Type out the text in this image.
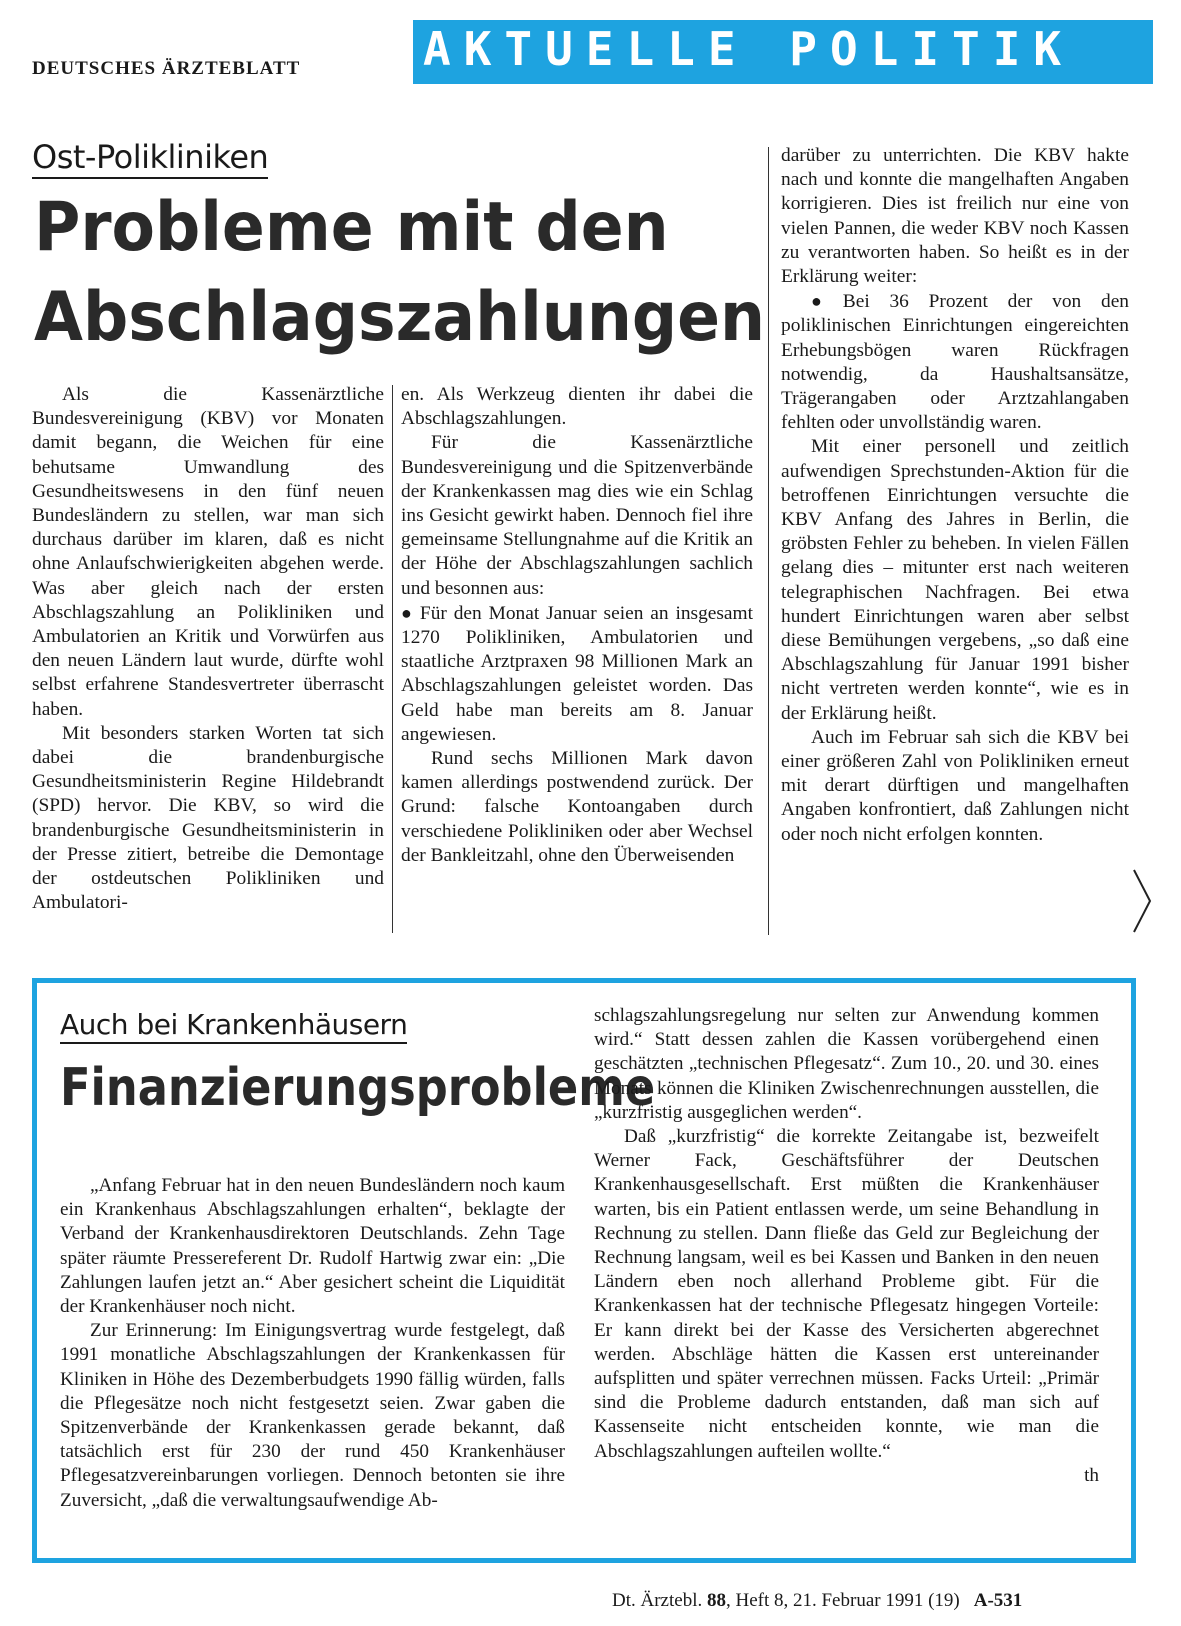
DEUTSCHES ÄRZTEBLATT	AKTUELLE POLITIK
Ost-Polikliniken
Probleme mit den
Abschlagszahlungen

Als die Kassenärztliche Bundesvereinigung (KBV) vor Monaten damit begann, die Weichen für eine behutsame Umwandlung des Gesundheitswesens in den fünf neuen Bundesländern zu stellen, war man sich durchaus darüber im klaren, daß es nicht ohne Anlaufschwierigkeiten abgehen werde. Was aber gleich nach der ersten Abschlagszahlung an Polikliniken und Ambulatorien an Kritik und Vorwürfen aus den neuen Ländern laut wurde, dürfte wohl selbst erfahrene Standesvertreter überrascht haben.

Mit besonders starken Worten tat sich dabei die brandenburgische Gesundheitsministerin Regine Hildebrandt (SPD) hervor. Die KBV, so wird die brandenburgische Gesundheitsministerin in der Presse zitiert, betreibe die Demontage der ostdeutschen Polikliniken und Ambulatori-

en. Als Werkzeug dienten ihr dabei die Abschlagszahlungen.

Für die Kassenärztliche Bundesvereinigung und die Spitzenverbände der Krankenkassen mag dies wie ein Schlag ins Gesicht gewirkt haben. Dennoch fiel ihre gemeinsame Stellungnahme auf die Kritik an der Höhe der Abschlagszahlungen sachlich und besonnen aus:

● Für den Monat Januar seien an insgesamt 1270 Polikliniken, Ambulatorien und staatliche Arztpraxen 98 Millionen Mark an Abschlagszahlungen geleistet worden. Das Geld habe man bereits am 8. Januar angewiesen.

Rund sechs Millionen Mark davon kamen allerdings postwendend zurück. Der Grund: falsche Kontoangaben durch verschiedene Polikliniken oder aber Wechsel der Bankleitzahl, ohne den Überweisenden

darüber zu unterrichten. Die KBV hakte nach und konnte die mangelhaften Angaben korrigieren. Dies ist freilich nur eine von vielen Pannen, die weder KBV noch Kassen zu verantworten haben. So heißt es in der Erklärung weiter:

● Bei 36 Prozent der von den poliklinischen Einrichtungen eingereichten Erhebungsbögen waren Rückfragen notwendig, da Haushaltsansätze, Trägerangaben oder Arztzahlangaben fehlten oder unvollständig waren.

Mit einer personell und zeitlich aufwendigen Sprechstunden-Aktion für die betroffenen Einrichtungen versuchte die KBV Anfang des Jahres in Berlin, die gröbsten Fehler zu beheben. In vielen Fällen gelang dies – mitunter erst nach weiteren telegraphischen Nachfragen. Bei etwa hundert Einrichtungen waren aber selbst diese Bemühungen vergebens, „so daß eine Abschlagszahlung für Januar 1991 bisher nicht vertreten werden konnte“, wie es in der Erklärung heißt.

Auch im Februar sah sich die KBV bei einer größeren Zahl von Polikliniken erneut mit derart dürftigen und mangelhaften Angaben konfrontiert, daß Zahlungen nicht oder noch nicht erfolgen konnten.

Auch bei Krankenhäusern
Finanzierungsprobleme

„Anfang Februar hat in den neuen Bundesländern noch kaum ein Krankenhaus Abschlagszahlungen erhalten“, beklagte der Verband der Krankenhausdirektoren Deutschlands. Zehn Tage später räumte Pressereferent Dr. Rudolf Hartwig zwar ein: „Die Zahlungen laufen jetzt an.“ Aber gesichert scheint die Liquidität der Krankenhäuser noch nicht.

Zur Erinnerung: Im Einigungsvertrag wurde festgelegt, daß 1991 monatliche Abschlagszahlungen der Krankenkassen für Kliniken in Höhe des Dezemberbudgets 1990 fällig würden, falls die Pflegesätze noch nicht festgesetzt seien. Zwar gaben die Spitzenverbände der Krankenkassen gerade bekannt, daß tatsächlich erst für 230 der rund 450 Krankenhäuser Pflegesatzvereinbarungen vorliegen. Dennoch betonten sie ihre Zuversicht, „daß die verwaltungsaufwendige Ab-

schlagszahlungsregelung nur selten zur Anwendung kommen wird.“ Statt dessen zahlen die Kassen vorübergehend einen geschätzten „technischen Pflegesatz“. Zum 10., 20. und 30. eines Monats können die Kliniken Zwischenrechnungen ausstellen, die „kurzfristig ausgeglichen werden“.

Daß „kurzfristig“ die korrekte Zeitangabe ist, bezweifelt Werner Fack, Geschäftsführer der Deutschen Krankenhausgesellschaft. Erst müßten die Krankenhäuser warten, bis ein Patient entlassen werde, um seine Behandlung in Rechnung zu stellen. Dann fließe das Geld zur Begleichung der Rechnung langsam, weil es bei Kassen und Banken in den neuen Ländern eben noch allerhand Probleme gibt. Für die Krankenkassen hat der technische Pflegesatz hingegen Vorteile: Er kann direkt bei der Kasse des Versicherten abgerechnet werden. Abschläge hätten die Kassen erst untereinander aufsplitten und später verrechnen müssen. Facks Urteil: „Primär sind die Probleme dadurch entstanden, daß man sich auf Kassenseite nicht entscheiden konnte, wie man die Abschlagszahlungen aufteilen wollte.“

th

Dt. Ärztebl. 88, Heft 8, 21. Februar 1991 (19) A-531
